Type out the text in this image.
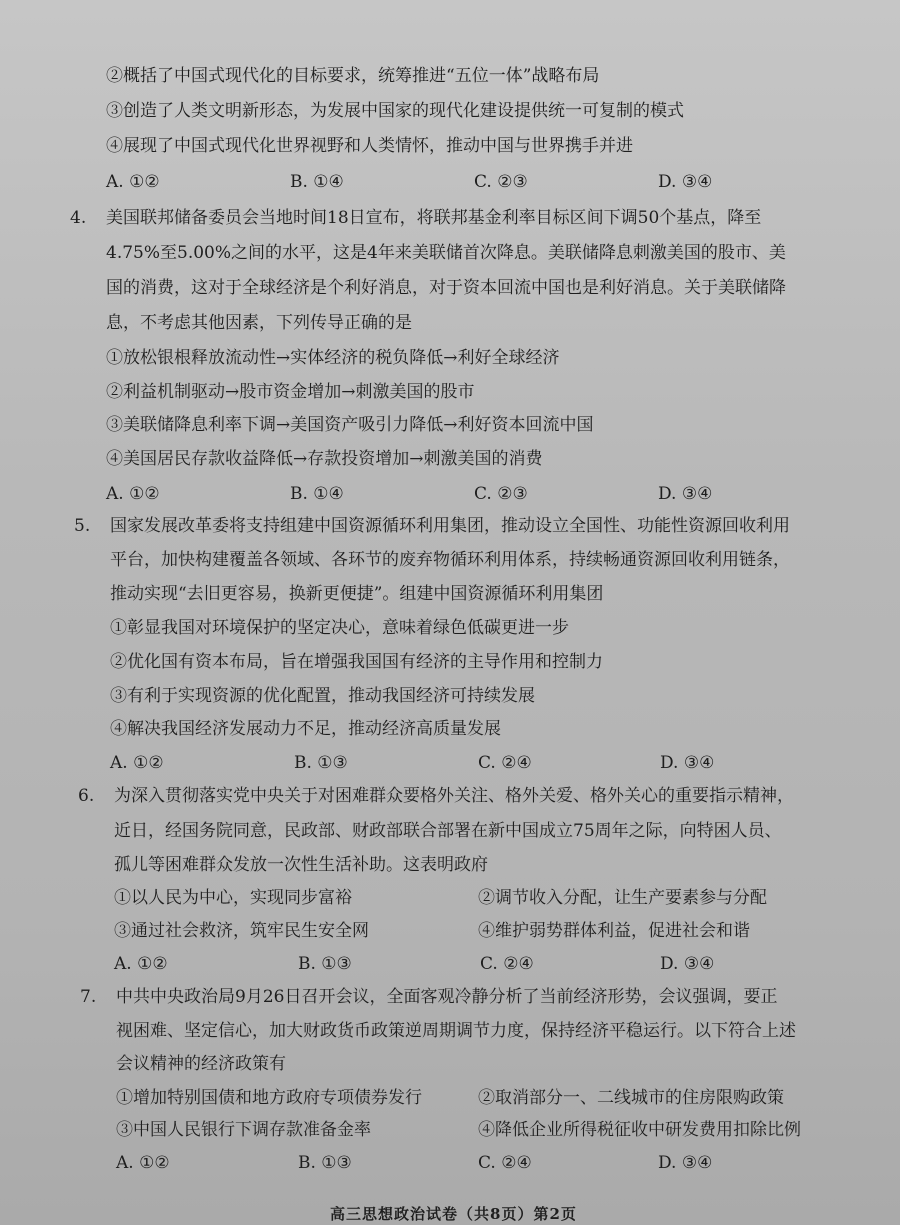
②概括了中国式现代化的目标要求，统筹推进“五位一体”战略布局
③创造了人类文明新形态，为发展中国家的现代化建设提供统一可复制的模式
④展现了中国式现代化世界视野和人类情怀，推动中国与世界携手并进
A. ①②	B. ①④	C. ②③	D. ③④
4. 美国联邦储备委员会当地时间18日宣布，将联邦基金利率目标区间下调50个基点，降至
4.75%至5.00%之间的水平，这是4年来美联储首次降息。美联储降息刺激美国的股市、美
国的消费，这对于全球经济是个利好消息，对于资本回流中国也是利好消息。关于美联储降
息，不考虑其他因素，下列传导正确的是
①放松银根释放流动性→实体经济的税负降低→利好全球经济
②利益机制驱动→股市资金增加→刺激美国的股市
③美联储降息利率下调→美国资产吸引力降低→利好资本回流中国
④美国居民存款收益降低→存款投资增加→刺激美国的消费
A. ①②	B. ①④	C. ②③	D. ③④
5. 国家发展改革委将支持组建中国资源循环利用集团，推动设立全国性、功能性资源回收利用
平台，加快构建覆盖各领域、各环节的废弃物循环利用体系，持续畅通资源回收利用链条，
推动实现“去旧更容易，换新更便捷”。组建中国资源循环利用集团
①彰显我国对环境保护的坚定决心，意味着绿色低碳更进一步
②优化国有资本布局，旨在增强我国国有经济的主导作用和控制力
③有利于实现资源的优化配置，推动我国经济可持续发展
④解决我国经济发展动力不足，推动经济高质量发展
A. ①②	B. ①③	C. ②④	D. ③④
6. 为深入贯彻落实党中央关于对困难群众要格外关注、格外关爱、格外关心的重要指示精神，
近日，经国务院同意，民政部、财政部联合部署在新中国成立75周年之际，向特困人员、
孤儿等困难群众发放一次性生活补助。这表明政府
①以人民为中心，实现同步富裕	②调节收入分配，让生产要素参与分配
③通过社会救济，筑牢民生安全网	④维护弱势群体利益，促进社会和谐
A. ①②	B. ①③	C. ②④	D. ③④
7. 中共中央政治局9月26日召开会议，全面客观冷静分析了当前经济形势，会议强调，要正
视困难、坚定信心，加大财政货币政策逆周期调节力度，保持经济平稳运行。以下符合上述
会议精神的经济政策有
①增加特别国债和地方政府专项债券发行	②取消部分一、二线城市的住房限购政策
③中国人民银行下调存款准备金率	④降低企业所得税征收中研发费用扣除比例
A. ①②	B. ①③	C. ②④	D. ③④
高三思想政治试卷（共8页）第2页
